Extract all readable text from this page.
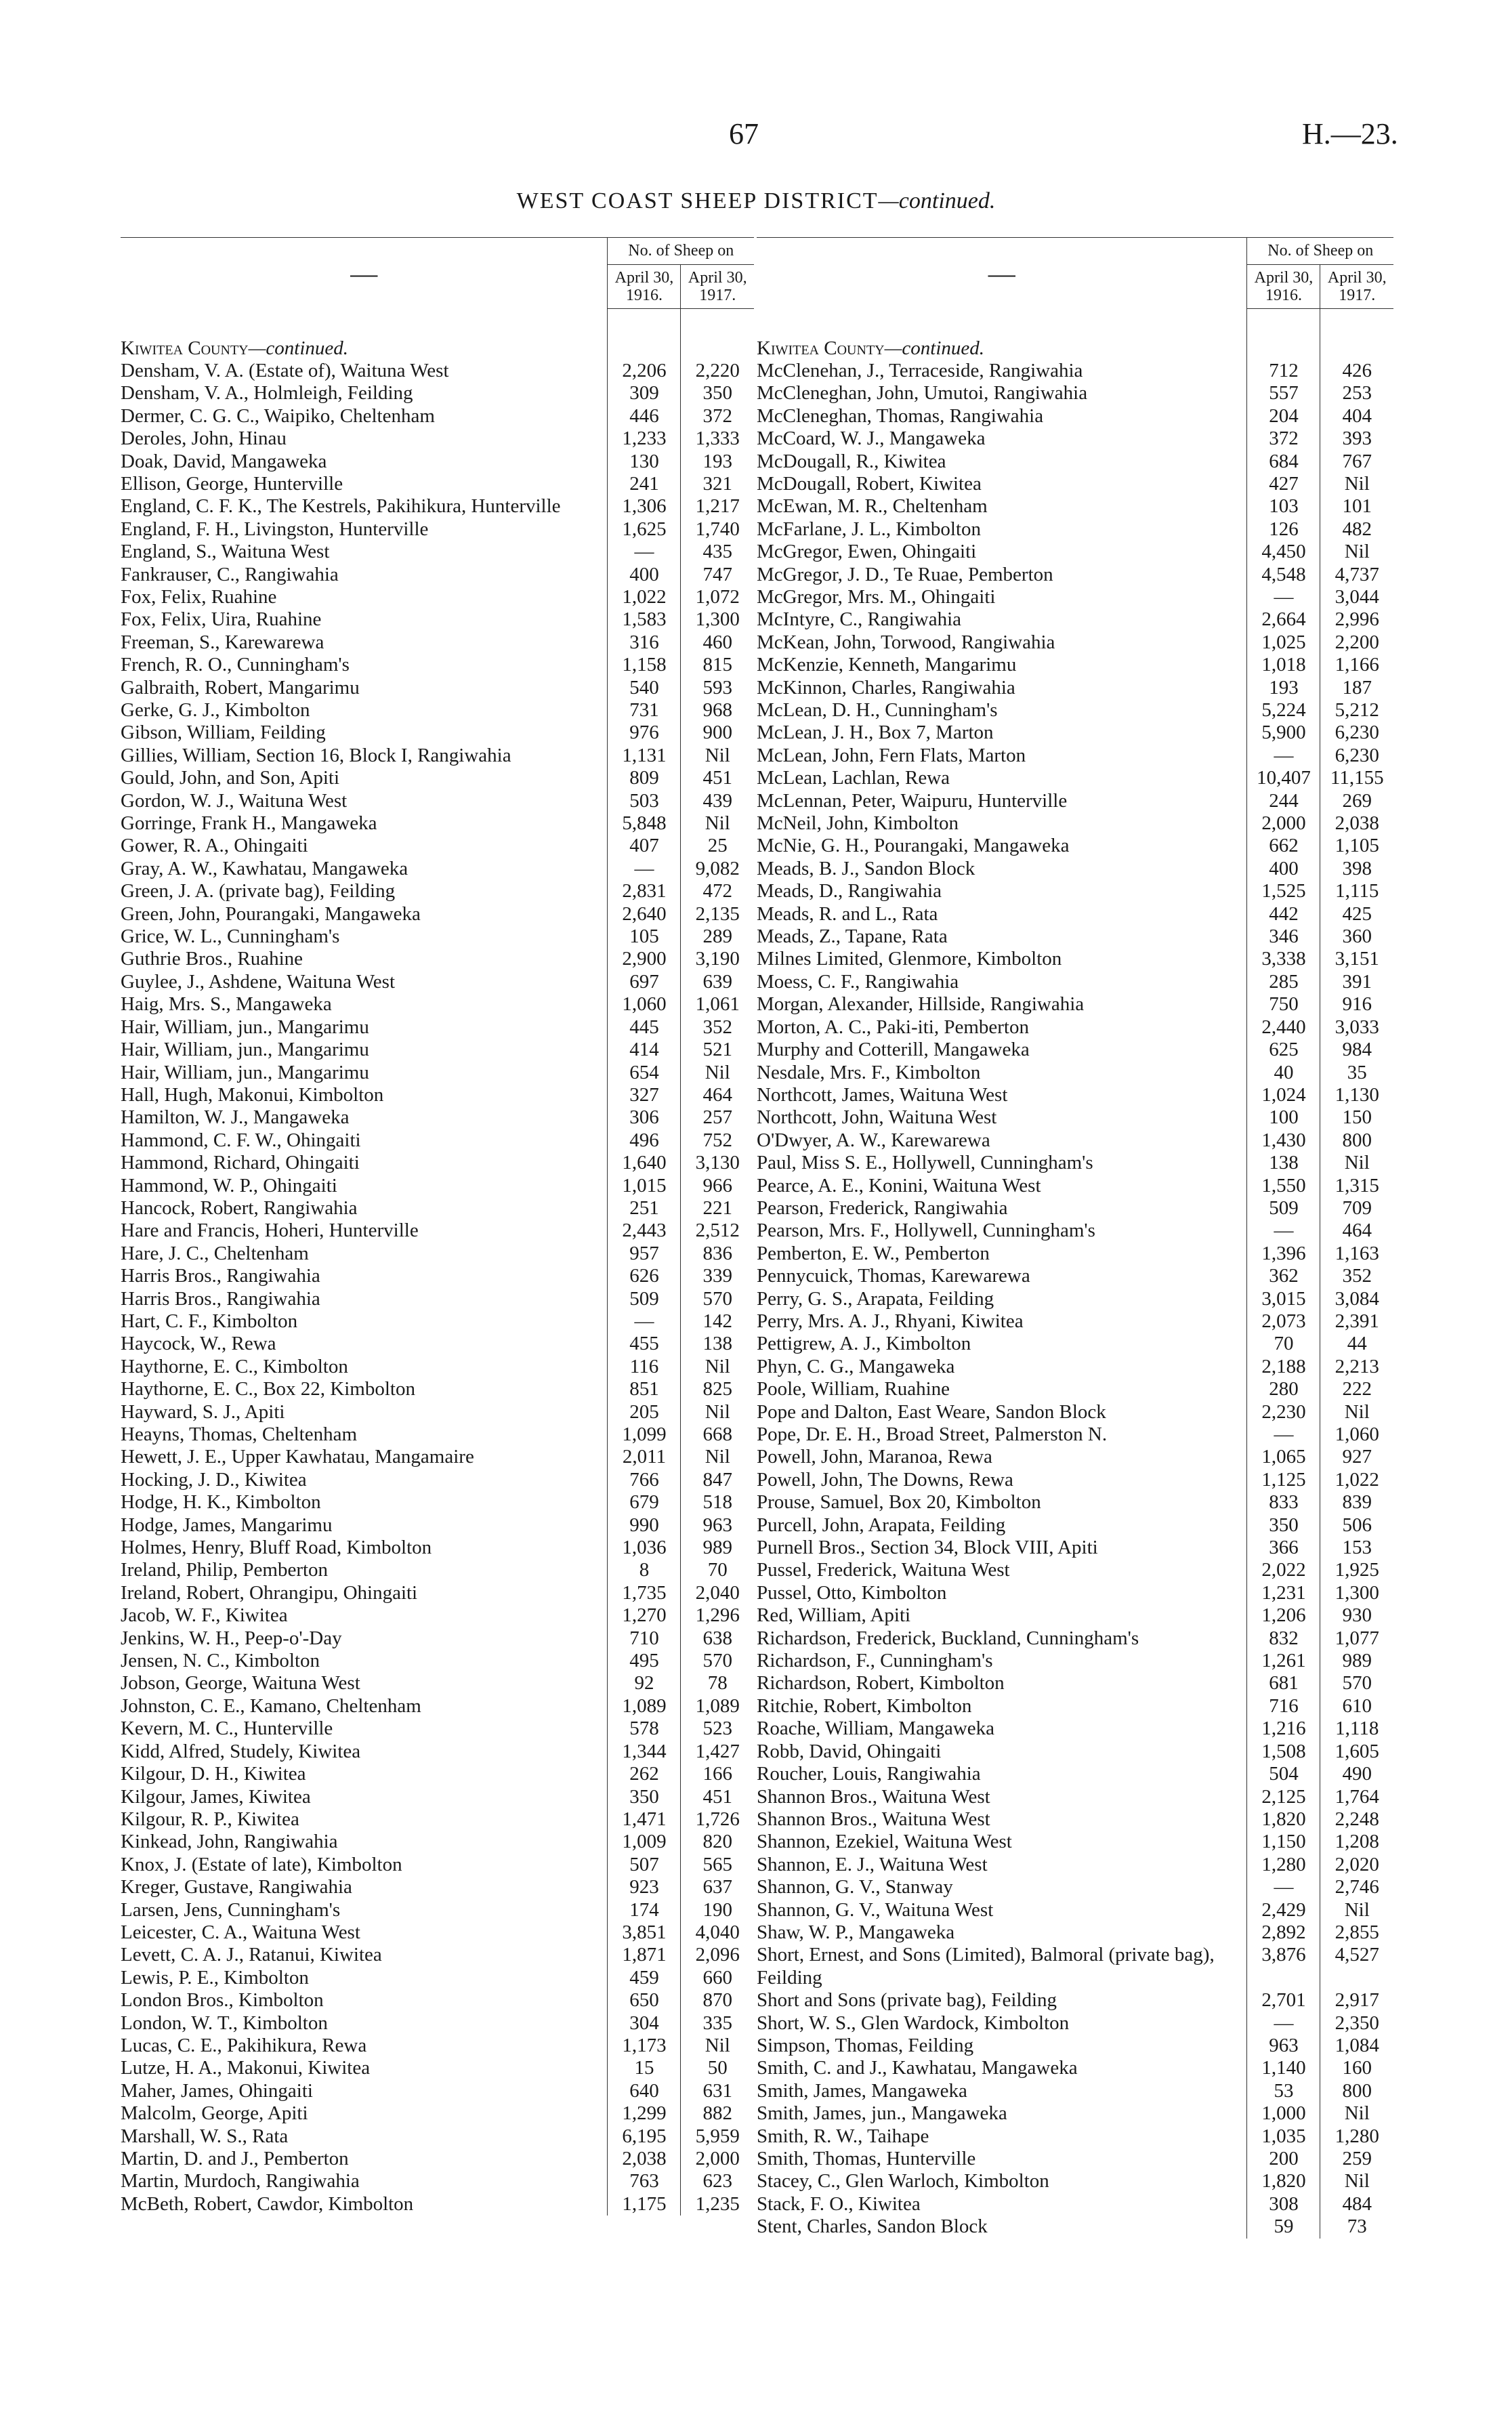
67	H.—23.
WEST COAST SHEEP DISTRICT—continued.
—	No. of Sheep on	
	April 30, 1916.	April 30, 1917.
Kiwitea County—continued.		
Densham, V. A. (Estate of), Waituna West	2,206	2,220
Densham, V. A., Holmleigh, Feilding	309	350
Dermer, C. G. C., Waipiko, Cheltenham	446	372
Deroles, John, Hinau	1,233	1,333
Doak, David, Mangaweka	130	193
Ellison, George, Hunterville	241	321
England, C. F. K., The Kestrels, Pakihikura, Hunterville	1,306	1,217
England, F. H., Livingston, Hunterville	1,625	1,740
England, S., Waituna West	—	435
Fankrauser, C., Rangiwahia	400	747
Fox, Felix, Ruahine	1,022	1,072
Fox, Felix, Uira, Ruahine	1,583	1,300
Freeman, S., Karewarewa	316	460
French, R. O., Cunningham's	1,158	815
Galbraith, Robert, Mangarimu	540	593
Gerke, G. J., Kimbolton	731	968
Gibson, William, Feilding	976	900
Gillies, William, Section 16, Block I, Rangiwahia	1,131	Nil
Gould, John, and Son, Apiti	809	451
Gordon, W. J., Waituna West	503	439
Gorringe, Frank H., Mangaweka	5,848	Nil
Gower, R. A., Ohingaiti	407	25
Gray, A. W., Kawhatau, Mangaweka	—	9,082
Green, J. A. (private bag), Feilding	2,831	472
Green, John, Pourangaki, Mangaweka	2,640	2,135
Grice, W. L., Cunningham's	105	289
Guthrie Bros., Ruahine	2,900	3,190
Guylee, J., Ashdene, Waituna West	697	639
Haig, Mrs. S., Mangaweka	1,060	1,061
Hair, William, jun., Mangarimu	445	352
Hair, William, jun., Mangarimu	414	521
Hair, William, jun., Mangarimu	654	Nil
Hall, Hugh, Makonui, Kimbolton	327	464
Hamilton, W. J., Mangaweka	306	257
Hammond, C. F. W., Ohingaiti	496	752
Hammond, Richard, Ohingaiti	1,640	3,130
Hammond, W. P., Ohingaiti	1,015	966
Hancock, Robert, Rangiwahia	251	221
Hare and Francis, Hoheri, Hunterville	2,443	2,512
Hare, J. C., Cheltenham	957	836
Harris Bros., Rangiwahia	626	339
Harris Bros., Rangiwahia	509	570
Hart, C. F., Kimbolton	—	142
Haycock, W., Rewa	455	138
Haythorne, E. C., Kimbolton	116	Nil
Haythorne, E. C., Box 22, Kimbolton	851	825
Hayward, S. J., Apiti	205	Nil
Heayns, Thomas, Cheltenham	1,099	668
Hewett, J. E., Upper Kawhatau, Mangamaire	2,011	Nil
Hocking, J. D., Kiwitea	766	847
Hodge, H. K., Kimbolton	679	518
Hodge, James, Mangarimu	990	963
Holmes, Henry, Bluff Road, Kimbolton	1,036	989
Ireland, Philip, Pemberton	8	70
Ireland, Robert, Ohrangipu, Ohingaiti	1,735	2,040
Jacob, W. F., Kiwitea	1,270	1,296
Jenkins, W. H., Peep-o'-Day	710	638
Jensen, N. C., Kimbolton	495	570
Jobson, George, Waituna West	92	78
Johnston, C. E., Kamano, Cheltenham	1,089	1,089
Kevern, M. C., Hunterville	578	523
Kidd, Alfred, Studely, Kiwitea	1,344	1,427
Kilgour, D. H., Kiwitea	262	166
Kilgour, James, Kiwitea	350	451
Kilgour, R. P., Kiwitea	1,471	1,726
Kinkead, John, Rangiwahia	1,009	820
Knox, J. (Estate of late), Kimbolton	507	565
Kreger, Gustave, Rangiwahia	923	637
Larsen, Jens, Cunningham's	174	190
Leicester, C. A., Waituna West	3,851	4,040
Levett, C. A. J., Ratanui, Kiwitea	1,871	2,096
Lewis, P. E., Kimbolton	459	660
London Bros., Kimbolton	650	870
London, W. T., Kimbolton	304	335
Lucas, C. E., Pakihikura, Rewa	1,173	Nil
Lutze, H. A., Makonui, Kiwitea	15	50
Maher, James, Ohingaiti	640	631
Malcolm, George, Apiti	1,299	882
Marshall, W. S., Rata	6,195	5,959
Martin, D. and J., Pemberton	2,038	2,000
Martin, Murdoch, Rangiwahia	763	623
McBeth, Robert, Cawdor, Kimbolton	1,175	1,235
—	No. of Sheep on	
	April 30, 1916.	April 30, 1917.
Kiwitea County—continued.		
McClenehan, J., Terraceside, Rangiwahia	712	426
McCleneghan, John, Umutoi, Rangiwahia	557	253
McCleneghan, Thomas, Rangiwahia	204	404
McCoard, W. J., Mangaweka	372	393
McDougall, R., Kiwitea	684	767
McDougall, Robert, Kiwitea	427	Nil
McEwan, M. R., Cheltenham	103	101
McFarlane, J. L., Kimbolton	126	482
McGregor, Ewen, Ohingaiti	4,450	Nil
McGregor, J. D., Te Ruae, Pemberton	4,548	4,737
McGregor, Mrs. M., Ohingaiti	—	3,044
McIntyre, C., Rangiwahia	2,664	2,996
McKean, John, Torwood, Rangiwahia	1,025	2,200
McKenzie, Kenneth, Mangarimu	1,018	1,166
McKinnon, Charles, Rangiwahia	193	187
McLean, D. H., Cunningham's	5,224	5,212
McLean, J. H., Box 7, Marton	5,900	6,230
McLean, John, Fern Flats, Marton	—	6,230
McLean, Lachlan, Rewa	10,407	11,155
McLennan, Peter, Waipuru, Hunterville	244	269
McNeil, John, Kimbolton	2,000	2,038
McNie, G. H., Pourangaki, Mangaweka	662	1,105
Meads, B. J., Sandon Block	400	398
Meads, D., Rangiwahia	1,525	1,115
Meads, R. and L., Rata	442	425
Meads, Z., Tapane, Rata	346	360
Milnes Limited, Glenmore, Kimbolton	3,338	3,151
Moess, C. F., Rangiwahia	285	391
Morgan, Alexander, Hillside, Rangiwahia	750	916
Morton, A. C., Paki-iti, Pemberton	2,440	3,033
Murphy and Cotterill, Mangaweka	625	984
Nesdale, Mrs. F., Kimbolton	40	35
Northcott, James, Waituna West	1,024	1,130
Northcott, John, Waituna West	100	150
O'Dwyer, A. W., Karewarewa	1,430	800
Paul, Miss S. E., Hollywell, Cunningham's	138	Nil
Pearce, A. E., Konini, Waituna West	1,550	1,315
Pearson, Frederick, Rangiwahia	509	709
Pearson, Mrs. F., Hollywell, Cunningham's	—	464
Pemberton, E. W., Pemberton	1,396	1,163
Pennycuick, Thomas, Karewarewa	362	352
Perry, G. S., Arapata, Feilding	3,015	3,084
Perry, Mrs. A. J., Rhyani, Kiwitea	2,073	2,391
Pettigrew, A. J., Kimbolton	70	44
Phyn, C. G., Mangaweka	2,188	2,213
Poole, William, Ruahine	280	222
Pope and Dalton, East Weare, Sandon Block	2,230	Nil
Pope, Dr. E. H., Broad Street, Palmerston N.	—	1,060
Powell, John, Maranoa, Rewa	1,065	927
Powell, John, The Downs, Rewa	1,125	1,022
Prouse, Samuel, Box 20, Kimbolton	833	839
Purcell, John, Arapata, Feilding	350	506
Purnell Bros., Section 34, Block VIII, Apiti	366	153
Pussel, Frederick, Waituna West	2,022	1,925
Pussel, Otto, Kimbolton	1,231	1,300
Red, William, Apiti	1,206	930
Richardson, Frederick, Buckland, Cunningham's	832	1,077
Richardson, F., Cunningham's	1,261	989
Richardson, Robert, Kimbolton	681	570
Ritchie, Robert, Kimbolton	716	610
Roache, William, Mangaweka	1,216	1,118
Robb, David, Ohingaiti	1,508	1,605
Roucher, Louis, Rangiwahia	504	490
Shannon Bros., Waituna West	2,125	1,764
Shannon Bros., Waituna West	1,820	2,248
Shannon, Ezekiel, Waituna West	1,150	1,208
Shannon, E. J., Waituna West	1,280	2,020
Shannon, G. V., Stanway	—	2,746
Shannon, G. V., Waituna West	2,429	Nil
Shaw, W. P., Mangaweka	2,892	2,855
Short, Ernest, and Sons (Limited), Balmoral (private bag), Feilding	3,876	4,527
Short and Sons (private bag), Feilding	2,701	2,917
Short, W. S., Glen Wardock, Kimbolton	—	2,350
Simpson, Thomas, Feilding	963	1,084
Smith, C. and J., Kawhatau, Mangaweka	1,140	160
Smith, James, Mangaweka	53	800
Smith, James, jun., Mangaweka	1,000	Nil
Smith, R. W., Taihape	1,035	1,280
Smith, Thomas, Hunterville	200	259
Stacey, C., Glen Warloch, Kimbolton	1,820	Nil
Stack, F. O., Kiwitea	308	484
Stent, Charles, Sandon Block	59	73
